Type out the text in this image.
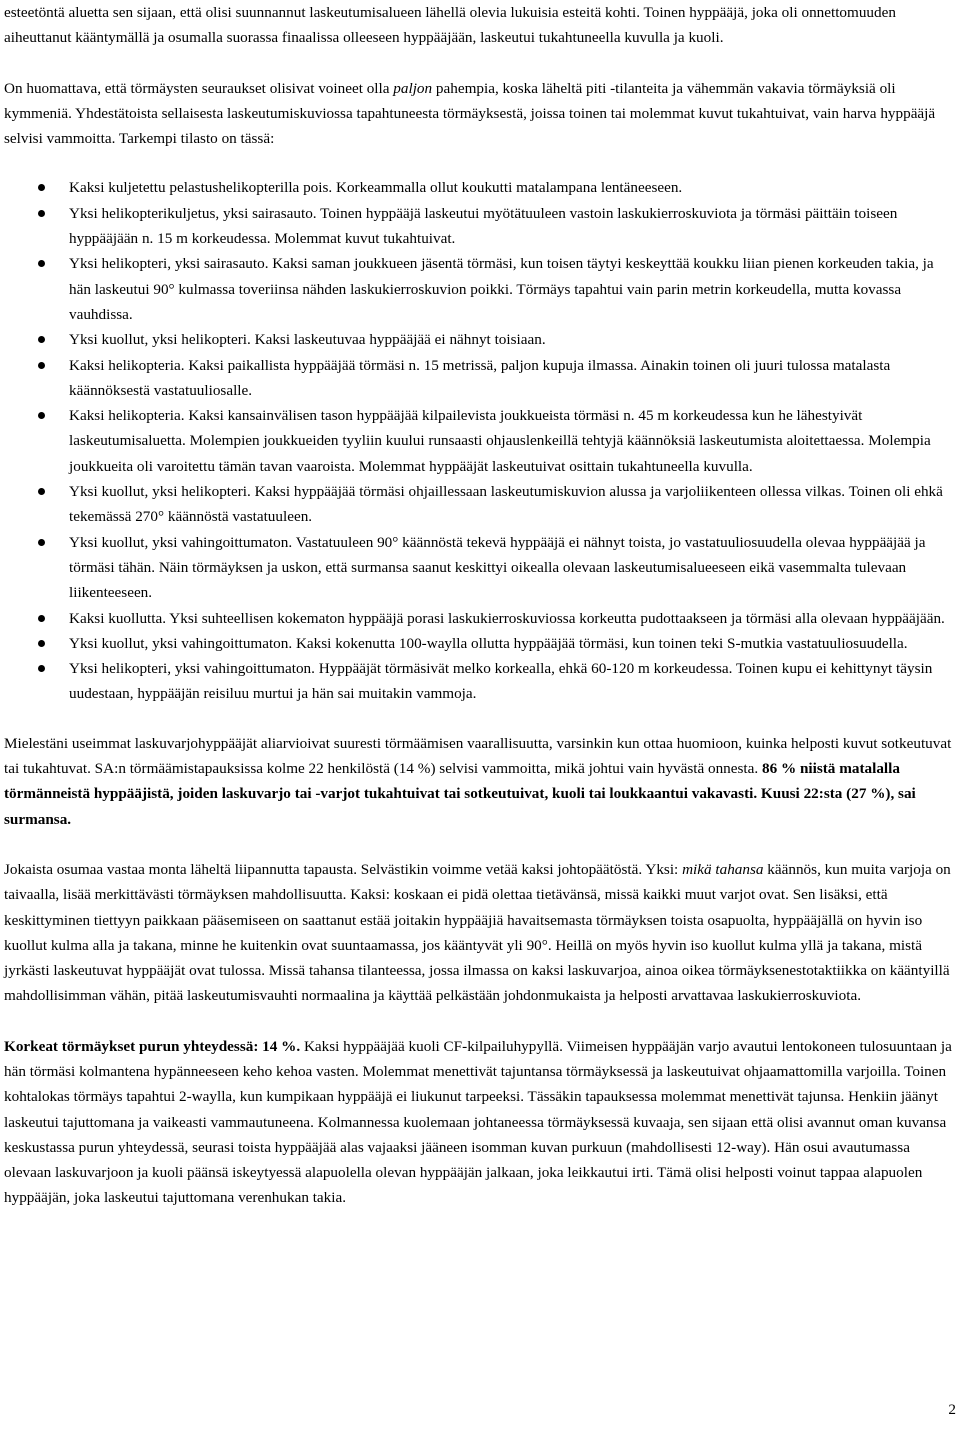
esteetöntä aluetta sen sijaan, että olisi suunnannut laskeutumisalueen lähellä olevia lukuisia esteitä kohti. Toinen hyppääjä, joka oli onnettomuuden aiheuttanut kääntymällä ja osumalla suorassa finaalissa olleeseen hyppääjään, laskeutui tukahtuneella kuvulla ja kuoli.

On huomattava, että törmäysten seuraukset olisivat voineet olla paljon pahempia, koska läheltä piti -tilanteita ja vähemmän vakavia törmäyksiä oli kymmeniä. Yhdestätoista sellaisesta laskeutumiskuviossa tapahtuneesta törmäyksestä, joissa toinen tai molemmat kuvut tukahtuivat, vain harva hyppääjä selvisi vammoitta. Tarkempi tilasto on tässä:

Kaksi kuljetettu pelastushelikopterilla pois. Korkeammalla ollut koukutti matalampana lentäneeseen.
Yksi helikopterikuljetus, yksi sairasauto. Toinen hyppääjä laskeutui myötätuuleen vastoin laskukierroskuviota ja törmäsi päittäin toiseen hyppääjään n. 15 m korkeudessa. Molemmat kuvut tukahtuivat.
Yksi helikopteri, yksi sairasauto. Kaksi saman joukkueen jäsentä törmäsi, kun toisen täytyi keskeyttää koukku liian pienen korkeuden takia, ja hän laskeutui 90° kulmassa toveriinsa nähden laskukierroskuvion poikki. Törmäys tapahtui vain parin metrin korkeudella, mutta kovassa vauhdissa.
Yksi kuollut, yksi helikopteri. Kaksi laskeutuvaa hyppääjää ei nähnyt toisiaan.
Kaksi helikopteria. Kaksi paikallista hyppääjää törmäsi n. 15 metrissä, paljon kupuja ilmassa. Ainakin toinen oli juuri tulossa matalasta käännöksestä vastatuuliosalle.
Kaksi helikopteria. Kaksi kansainvälisen tason hyppääjää kilpailevista joukkueista törmäsi n. 45 m korkeudessa kun he lähestyivät laskeutumisaluetta. Molempien joukkueiden tyyliin kuului runsaasti ohjauslenkeillä tehtyjä käännöksiä laskeutumista aloitettaessa. Molempia joukkueita oli varoitettu tämän tavan vaaroista. Molemmat hyppääjät laskeutuivat osittain tukahtuneella kuvulla.
Yksi kuollut, yksi helikopteri. Kaksi hyppääjää törmäsi ohjaillessaan laskeutumiskuvion alussa ja varjoliikenteen ollessa vilkas. Toinen oli ehkä tekemässä 270° käännöstä vastatuuleen.
Yksi kuollut, yksi vahingoittumaton. Vastatuuleen 90° käännöstä tekevä hyppääjä ei nähnyt toista, jo vastatuuliosuudella olevaa hyppääjää ja törmäsi tähän. Näin törmäyksen ja uskon, että surmansa saanut keskittyi oikealla olevaan laskeutumisalueeseen eikä vasemmalta tulevaan liikenteeseen.
Kaksi kuollutta. Yksi suhteellisen kokematon hyppääjä porasi laskukierroskuviossa korkeutta pudottaakseen ja törmäsi alla olevaan hyppääjään.
Yksi kuollut, yksi vahingoittumaton. Kaksi kokenutta 100-waylla ollutta hyppääjää törmäsi, kun toinen teki S-mutkia vastatuuliosuudella.
Yksi helikopteri, yksi vahingoittumaton. Hyppääjät törmäsivät melko korkealla, ehkä 60-120 m korkeudessa. Toinen kupu ei kehittynyt täysin uudestaan, hyppääjän reisiluu murtui ja hän sai muitakin vammoja.

Mielestäni useimmat laskuvarjohyppääjät aliarvioivat suuresti törmäämisen vaarallisuutta, varsinkin kun ottaa huomioon, kuinka helposti kuvut sotkeutuvat tai tukahtuvat. SA:n törmäämistapauksissa kolme 22 henkilöstä (14 %) selvisi vammoitta, mikä johtui vain hyvästä onnesta. 86 % niistä matalalla törmänneistä hyppääjistä, joiden laskuvarjo tai -varjot tukahtuivat tai sotkeutuivat, kuoli tai loukkaantui vakavasti. Kuusi 22:sta (27 %), sai surmansa.

Jokaista osumaa vastaa monta läheltä liipannutta tapausta. Selvästikin voimme vetää kaksi johtopäätöstä. Yksi: mikä tahansa käännös, kun muita varjoja on taivaalla, lisää merkittävästi törmäyksen mahdollisuutta. Kaksi: koskaan ei pidä olettaa tietävänsä, missä kaikki muut varjot ovat. Sen lisäksi, että keskittyminen tiettyyn paikkaan pääsemiseen on saattanut estää joitakin hyppääjiä havaitsemasta törmäyksen toista osapuolta, hyppääjällä on hyvin iso kuollut kulma alla ja takana, minne he kuitenkin ovat suuntaamassa, jos kääntyvät yli 90°. Heillä on myös hyvin iso kuollut kulma yllä ja takana, mistä jyrkästi laskeutuvat hyppääjät ovat tulossa. Missä tahansa tilanteessa, jossa ilmassa on kaksi laskuvarjoa, ainoa oikea törmäyksenestotaktiikka on kääntyillä mahdollisimman vähän, pitää laskeutumisvauhti normaalina ja käyttää pelkästään johdonmukaista ja helposti arvattavaa laskukierroskuviota.

Korkeat törmäykset purun yhteydessä: 14 %. Kaksi hyppääjää kuoli CF-kilpailuhypyllä. Viimeisen hyppääjän varjo avautui lentokoneen tulosuuntaan ja hän törmäsi kolmantena hypänneeseen keho kehoa vasten. Molemmat menettivät tajuntansa törmäyksessä ja laskeutuivat ohjaamattomilla varjoilla. Toinen kohtalokas törmäys tapahtui 2-waylla, kun kumpikaan hyppääjä ei liukunut tarpeeksi. Tässäkin tapauksessa molemmat menettivät tajunsa. Henkiin jäänyt laskeutui tajuttomana ja vaikeasti vammautuneena. Kolmannessa kuolemaan johtaneessa törmäyksessä kuvaaja, sen sijaan että olisi avannut oman kuvansa keskustassa purun yhteydessä, seurasi toista hyppääjää alas vajaaksi jääneen isomman kuvan purkuun (mahdollisesti 12-way). Hän osui avautumassa olevaan laskuvarjoon ja kuoli päänsä iskeytyessä alapuolella olevan hyppääjän jalkaan, joka leikkautui irti. Tämä olisi helposti voinut tappaa alapuolen hyppääjän, joka laskeutui tajuttomana verenhukan takia.

2
